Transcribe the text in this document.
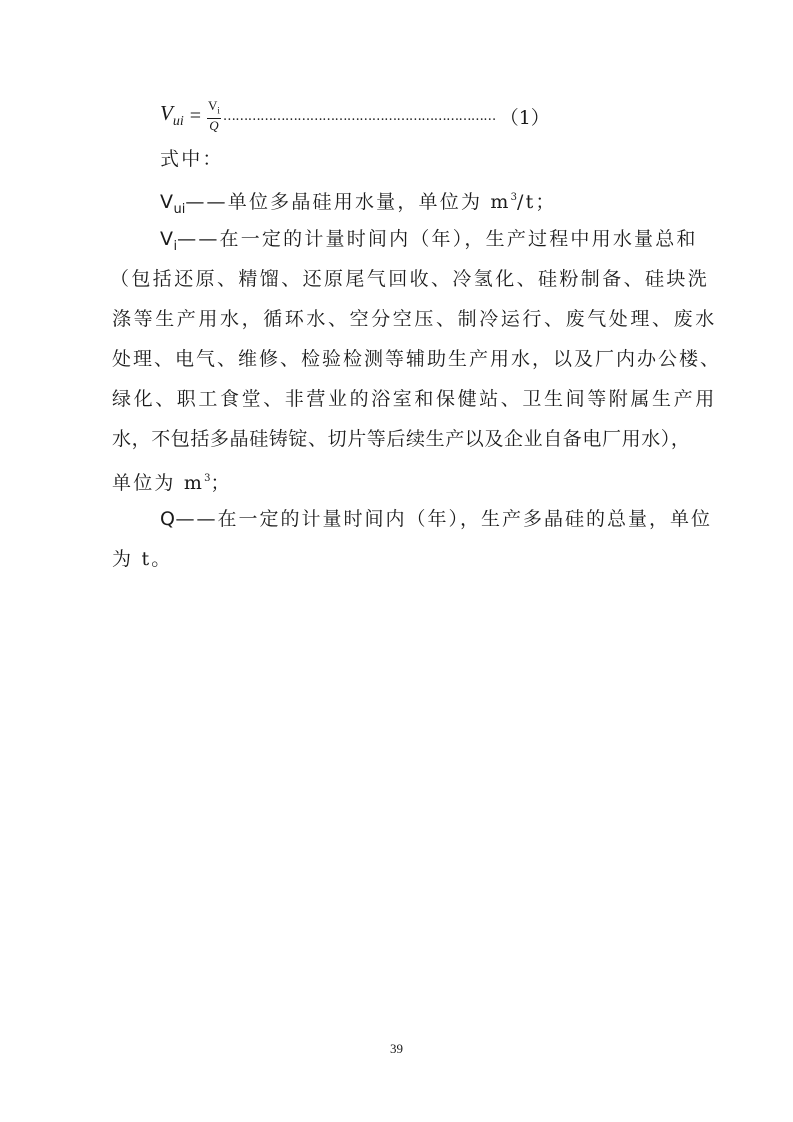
$V_{ui} = \frac{V_i}{Q}$ ………………………………………………………… （1）
式中：
$V_{ui}——$单位多晶硅用水量，单位为 $m^3/t$；
$V_i——$在一定的计量时间内（年），生产过程中用水量总和
（包括还原、精馏、还原尾气回收、冷氢化、硅粉制备、硅块洗
涤等生产用水，循环水、空分空压、制冷运行、废气处理、废水
处理、电气、维修、检验检测等辅助生产用水，以及厂内办公楼、
绿化、职工食堂、非营业的浴室和保健站、卫生间等附属生产用
水，不包括多晶硅铸锭、切片等后续生产以及企业自备电厂用水），
单位为 $m^3$；
Q——在一定的计量时间内（年），生产多晶硅的总量，单位
为 t。
39
